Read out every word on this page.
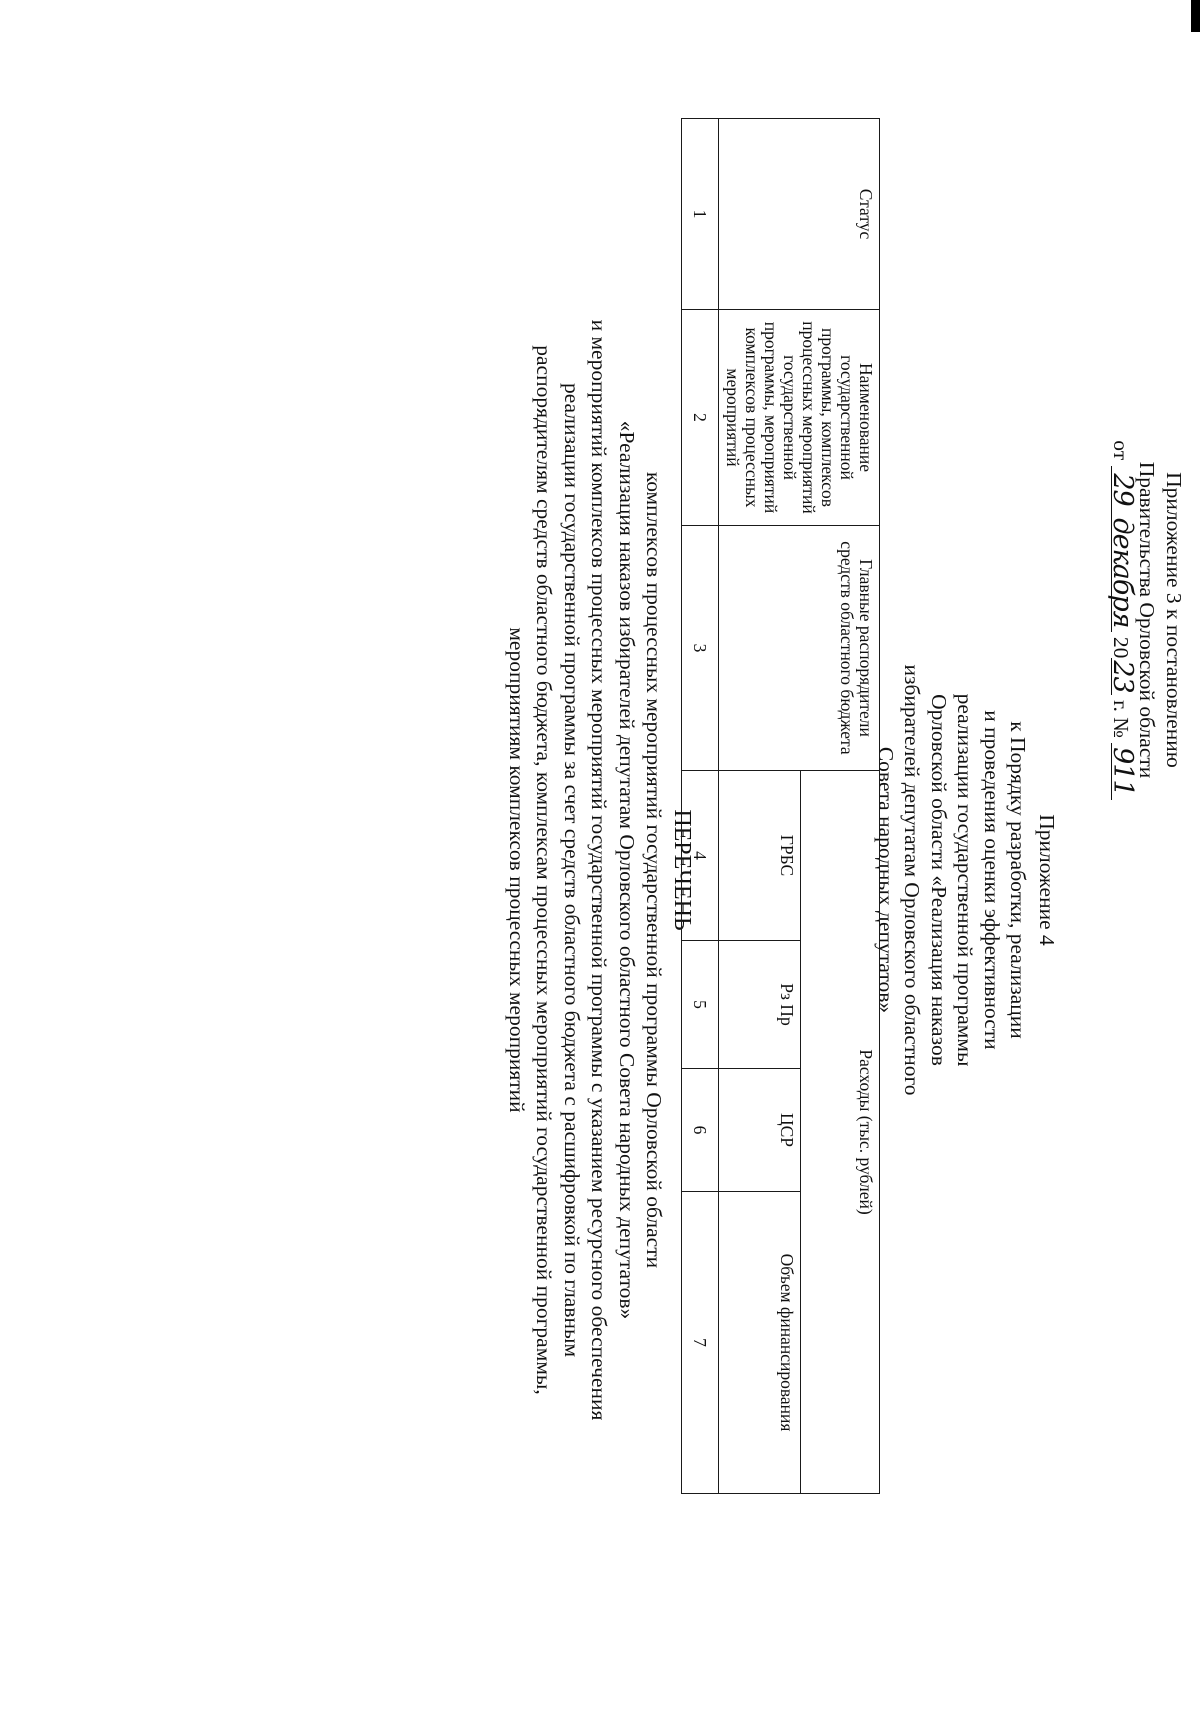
Приложение 3 к постановлению
Правительства Орловской области
от 29декабря 2023 г. № 911
Приложение 4
к Порядку разработки, реализации
и проведения оценки эффективности
реализации государственной программы
Орловской области «Реализация наказов
избирателей депутатам Орловского областного
Совета народных депутатов»
ПЕРЕЧЕНЬ
комплексов процессных мероприятий государственной программы Орловской области
«Реализация наказов избирателей депутатам Орловского областного Совета народных депутатов»
и мероприятий комплексов процессных мероприятий государственной программы с указанием ресурсного обеспечения
реализации государственной программы за счет средств областного бюджета с расшифровкой по главным
распорядителям средств областного бюджета, комплексам процессных мероприятий государственной программы,
мероприятиям комплексов процессных мероприятий
Статус	Наименование государственной программы, комплексов процессных мероприятий государственной программы, мероприятий комплексов процессных мероприятий	Главные распорядители средств областного бюджета	Расходы (тыс. рублей)			
			ГРБС	Рз Пр	ЦСР	Объем финансирования
1	2	3	4	5	6	7
